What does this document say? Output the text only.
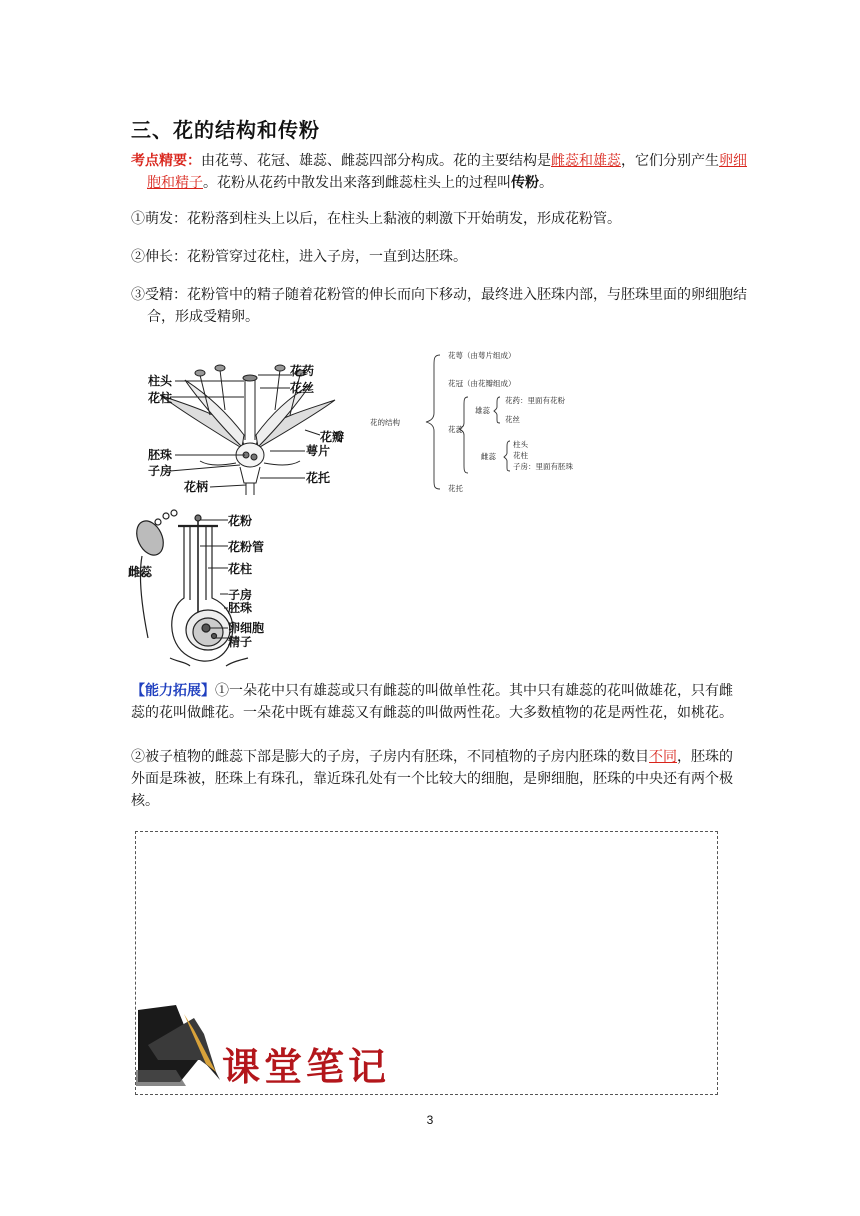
三、花的结构和传粉
考点精要：由花萼、花冠、雄蕊、雌蕊四部分构成。花的主要结构是雌蕊和雄蕊，它们分别产生卵细胞和精子。花粉从花药中散发出来落到雌蕊柱头上的过程叫传粉。
①萌发：花粉落到柱头上以后，在柱头上黏液的刺激下开始萌发，形成花粉管。
②伸长：花粉管穿过花柱，进入子房，一直到达胚珠。
③受精：花粉管中的精子随着花粉管的伸长而向下移动，最终进入胚珠内部，与胚珠里面的卵细胞结合，形成受精卵。
柱头
花柱
胚珠
子房
花柄
花药
花丝
花瓣
萼片
花托
花的结构
花萼（由萼片组成）
花冠（由花瓣组成）
花蕊
雄蕊
花药：里面有花粉
花丝
雌蕊
柱头
花柱
子房：里面有胚珠
花托
雌蕊
花粉
花粉管
花柱
子房
胚珠
卵细胞
精子
【能力拓展】①一朵花中只有雄蕊或只有雌蕊的叫做单性花。其中只有雄蕊的花叫做雄花，只有雌蕊的花叫做雌花。一朵花中既有雄蕊又有雌蕊的叫做两性花。大多数植物的花是两性花，如桃花。
②被子植物的雌蕊下部是膨大的子房，子房内有胚珠，不同植物的子房内胚珠的数目不同，胚珠的外面是珠被，胚珠上有珠孔，靠近珠孔处有一个比较大的细胞，是卵细胞，胚珠的中央还有两个极核。
课堂笔记
3
